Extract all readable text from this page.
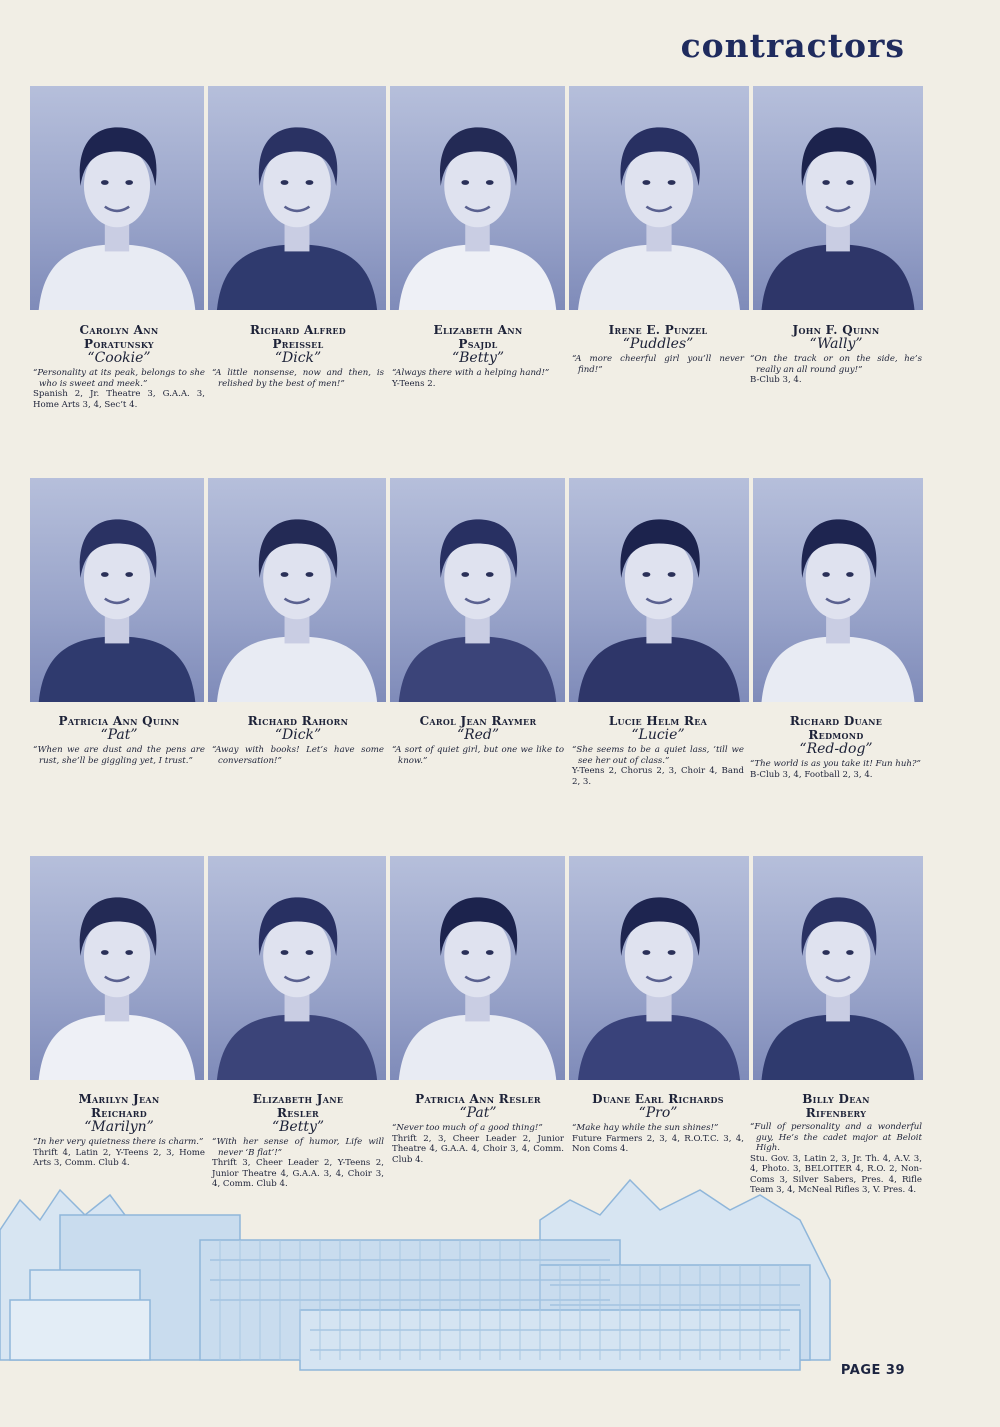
contractors
Carolyn Ann
Poratunsky
“Cookie”
“Personality at its peak, belongs to she who is sweet and meek.”
Spanish 2, Jr. Theatre 3, G.A.A. 3, Home Arts 3, 4, Sec’t 4.
Richard Alfred
Preissel
“Dick”
“A little nonsense, now and then, is relished by the best of men!”
Elizabeth Ann
Psajdl
“Betty”
“Always there with a helping hand!”
Y-Teens 2.
Irene E. Punzel
“Puddles”
“A more cheerful girl you’ll never find!”
John F. Quinn
“Wally”
“On the track or on the side, he’s really an all round guy!”
B-Club 3, 4.
Patricia Ann Quinn
“Pat”
“When we are dust and the pens are rust, she’ll be giggling yet, I trust.”
Richard Rahorn
“Dick”
“Away with books! Let’s have some conversation!”
Carol Jean Raymer
“Red”
“A sort of quiet girl, but one we like to know.”
Lucie Helm Rea
“Lucie”
“She seems to be a quiet lass, ’till we see her out of class.”
Y-Teens 2, Chorus 2, 3, Choir 4, Band 2, 3.
Richard Duane
Redmond
“Red-dog”
“The world is as you take it! Fun huh?”
B-Club 3, 4, Football 2, 3, 4.
Marilyn Jean
Reichard
“Marilyn”
“In her very quietness there is charm.”
Thrift 4, Latin 2, Y-Teens 2, 3, Home Arts 3, Comm. Club 4.
Elizabeth Jane
Resler
“Betty”
“With her sense of humor, Life will never ‘B flat’!”
Thrift 3, Cheer Leader 2, Y-Teens 2, Junior Theatre 4, G.A.A. 3, 4, Choir 3, 4, Comm. Club 4.
Patricia Ann Resler
“Pat”
“Never too much of a good thing!”
Thrift 2, 3, Cheer Leader 2, Junior Theatre 4, G.A.A. 4, Choir 3, 4, Comm. Club 4.
Duane Earl Richards
“Pro”
“Make hay while the sun shines!”
Future Farmers 2, 3, 4, R.O.T.C. 3, 4, Non Coms 4.
Billy Dean
Rifenbery
“Full of personality and a wonderful guy, He’s the cadet major at Beloit High.
Stu. Gov. 3, Latin 2, 3, Jr. Th. 4, A.V. 3, 4, Photo. 3, BELOITER 4, R.O. 2, Non-Coms 3, Silver Sabers, Pres. 4, Rifle Team 3, 4, McNeal Rifles 3, V. Pres. 4.
PAGE 39
